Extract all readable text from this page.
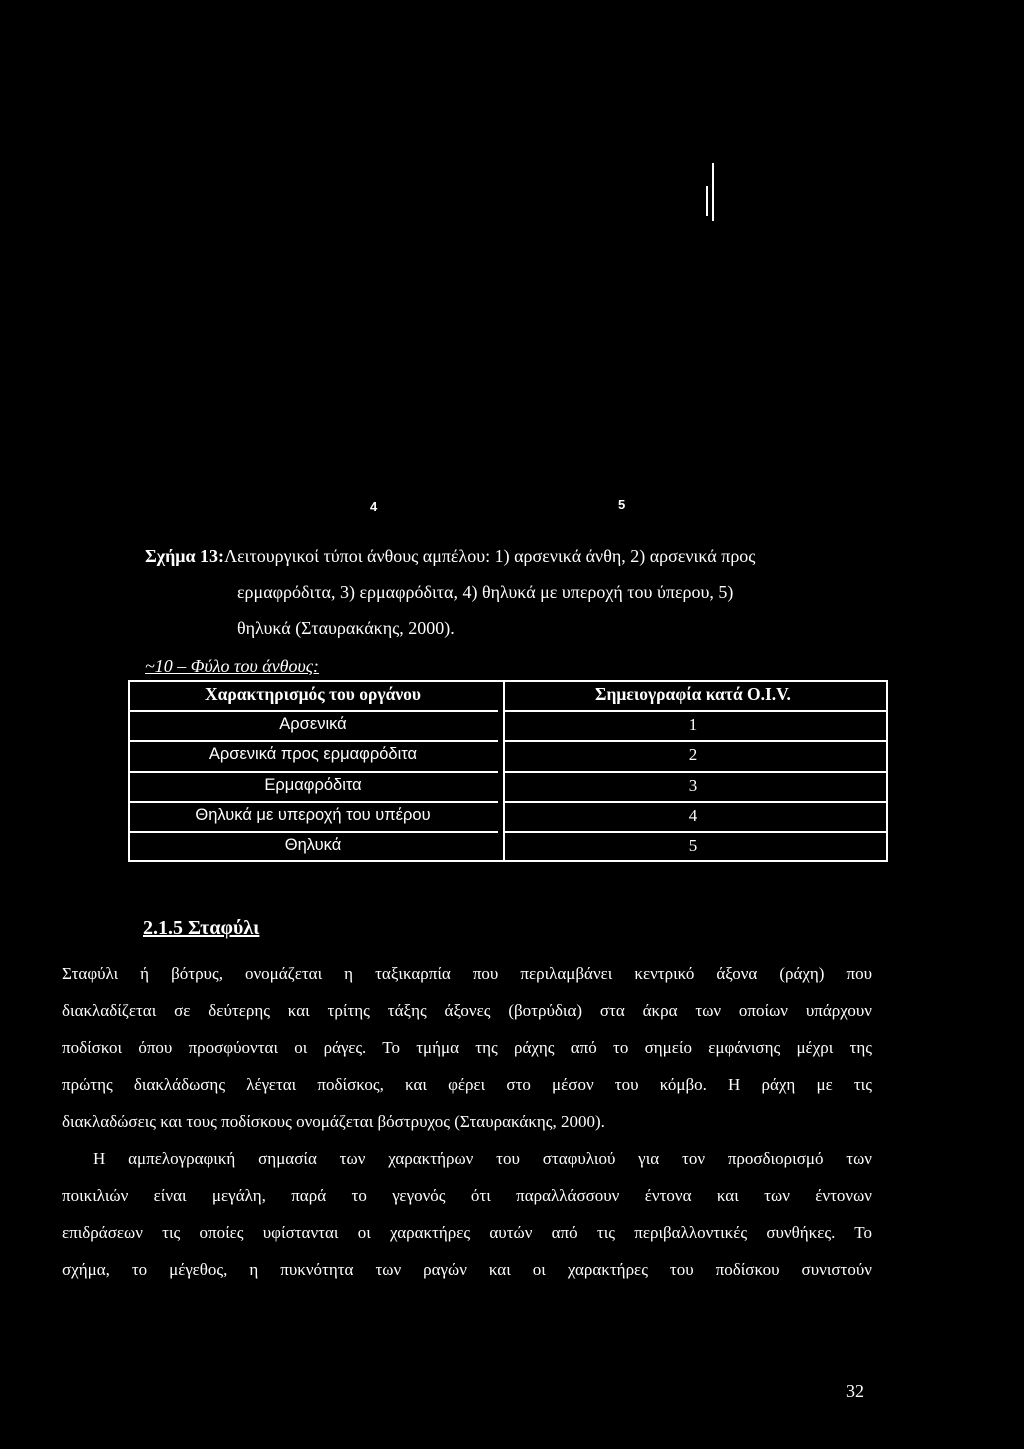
4	5
Σχήμα 13:Λειτουργικοί τύποι άνθους αμπέλου: 1) αρσενικά άνθη, 2) αρσενικά προς
ερμαφρόδιτα, 3) ερμαφρόδιτα, 4) θηλυκά με υπεροχή του ύπερου, 5)
θηλυκά (Σταυρακάκης, 2000).
~10 – Φύλο του άνθους:
Χαρακτηρισμός του οργάνου	Σημειογραφία κατά Ο.Ι.V.
Αρσενικά	1
Αρσενικά προς ερμαφρόδιτα	2
Ερμαφρόδιτα	3
Θηλυκά με υπεροχή του υπέρου	4
Θηλυκά	5
2.1.5 Σταφύλι
Σταφύλι ή βότρυς, ονομάζεται η ταξικαρπία που περιλαμβάνει κεντρικό άξονα (ράχη) που
διακλαδίζεται σε δεύτερης και τρίτης τάξης άξονες (βοτρύδια) στα άκρα των οποίων υπάρχουν
ποδίσκοι όπου προσφύονται οι ράγες. Το τμήμα της ράχης από το σημείο εμφάνισης μέχρι της
πρώτης διακλάδωσης λέγεται ποδίσκος, και φέρει στο μέσον του κόμβο. Η ράχη με τις
διακλαδώσεις και τους ποδίσκους ονομάζεται βόστρυχος (Σταυρακάκης, 2000).
Η αμπελογραφική σημασία των χαρακτήρων του σταφυλιού για τον προσδιορισμό των
ποικιλιών είναι μεγάλη, παρά το γεγονός ότι παραλλάσσουν έντονα και των έντονων
επιδράσεων τις οποίες υφίστανται οι χαρακτήρες αυτών από τις περιβαλλοντικές συνθήκες. Το
σχήμα, το μέγεθος, η πυκνότητα των ραγών και οι χαρακτήρες του ποδίσκου συνιστούν
32
